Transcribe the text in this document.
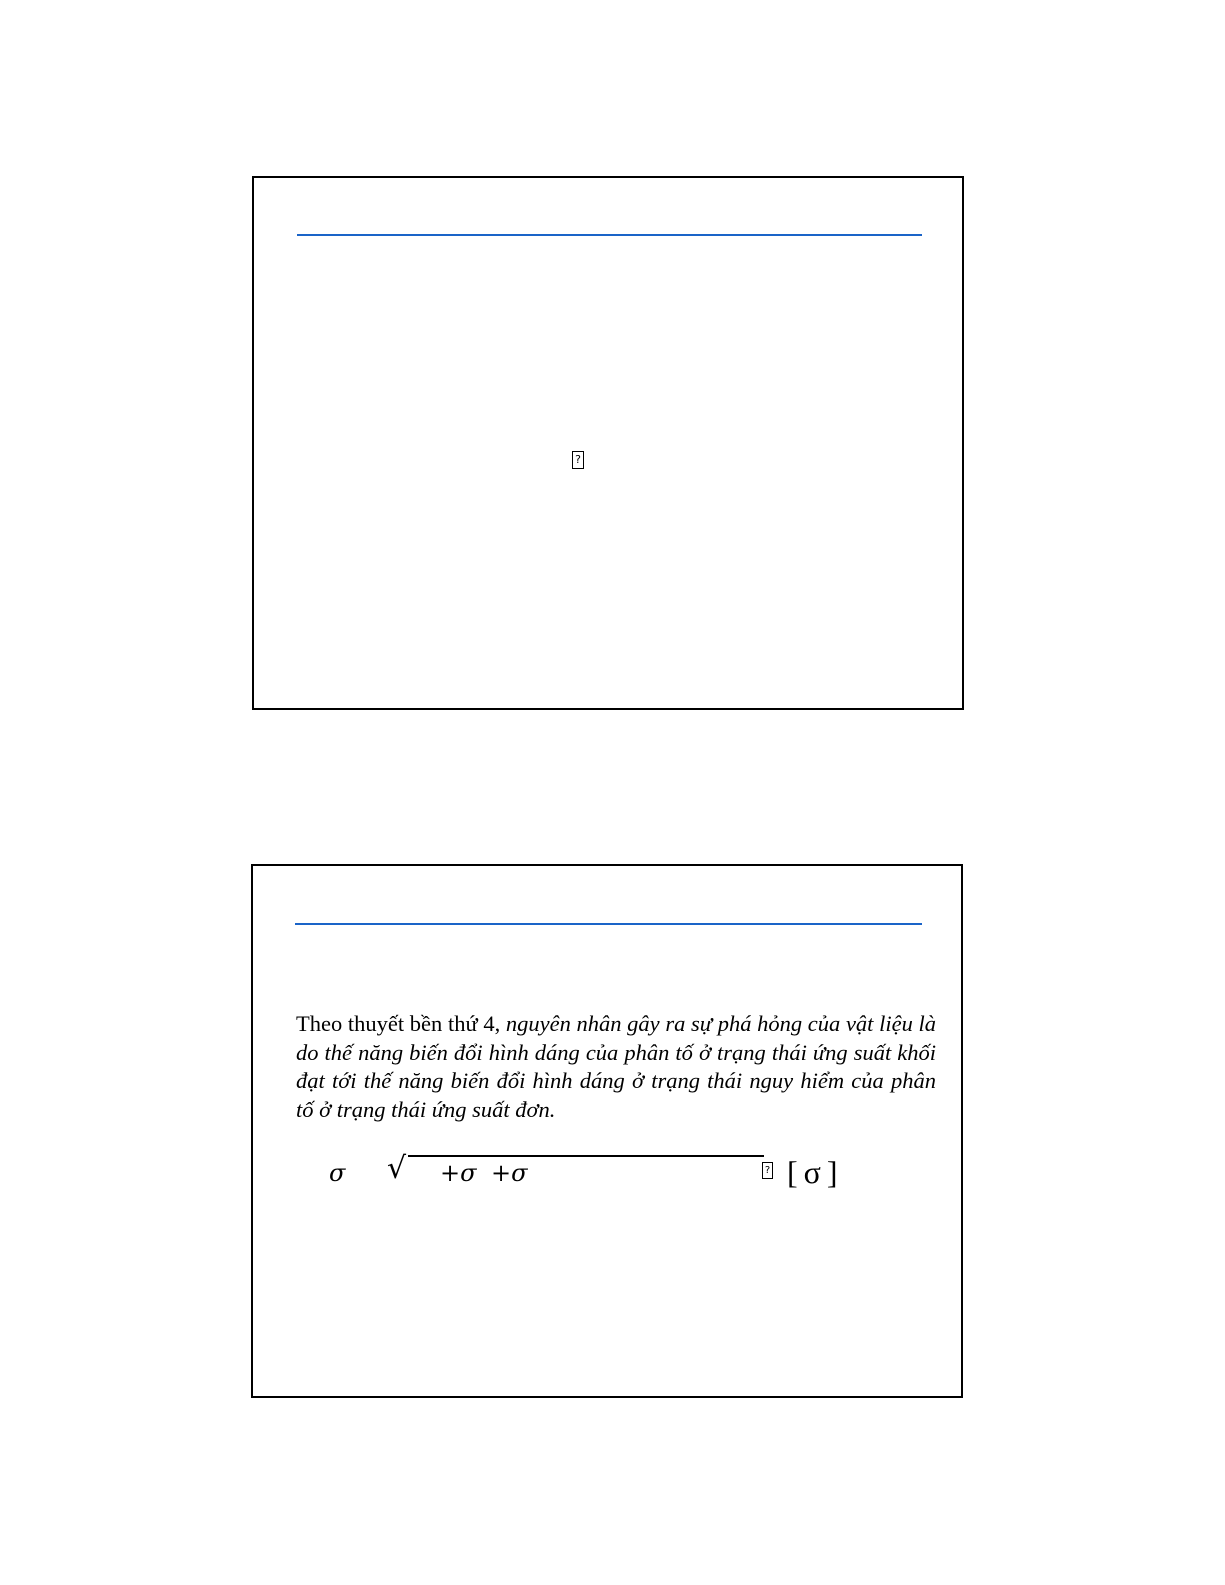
?

Theo thuyết bền thứ 4, nguyên nhân gây ra sự phá hỏng của vật liệu là do thế năng biến đổi hình dáng của phân tố ở trạng thái ứng suất khối đạt tới thế năng biến đổi hình dáng ở trạng thái nguy hiểm của phân tố ở trạng thái ứng suất đơn.

σ √ +σ +σ	? [σ]
